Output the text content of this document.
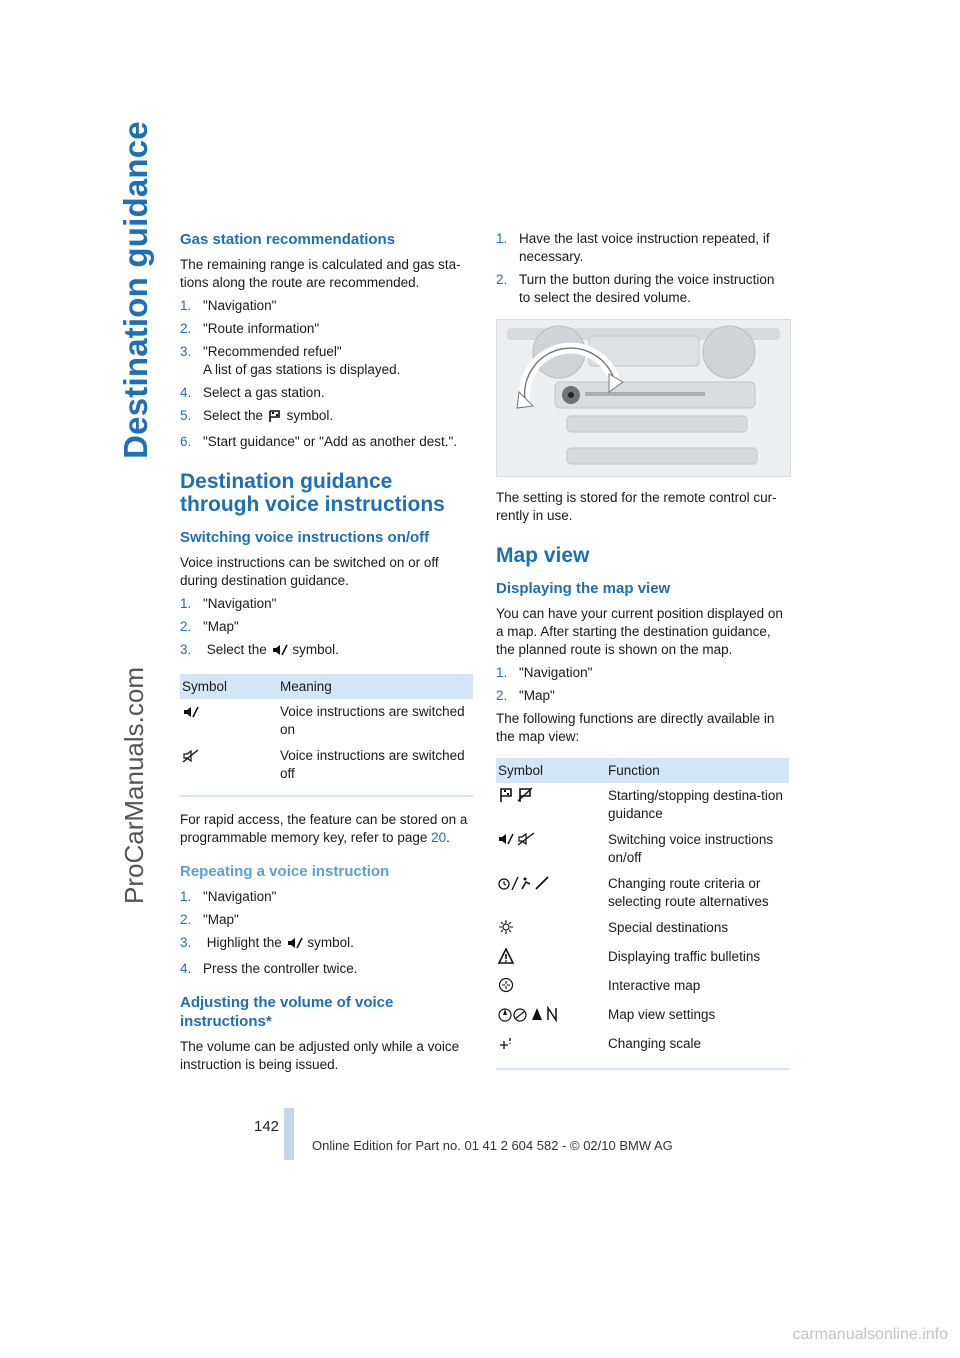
Destination guidance
ProCarManuals.com
Gas station recommendations

The remaining range is calculated and gas sta-tions along the route are recommended.

1. "Navigation"
2. "Route information"
3. "Recommended refuel"
A list of gas stations is displayed.
4. Select a gas station.
5. Select the symbol.
6. "Start guidance" or "Add as another dest.".
Destination guidance through voice instructions
Switching voice instructions on/off

Voice instructions can be switched on or off during destination guidance.

1. "Navigation"
2. "Map"
3.	Select the symbol.
Symbol	Meaning
	Voice instructions are switched on
	Voice instructions are switched off

For rapid access, the feature can be stored on a programmable memory key, refer to page 20.

Repeating a voice instruction
1. "Navigation"
2. "Map"
3.	Highlight the symbol.
4. Press the controller twice.
Adjusting the volume of voice instructions*

The volume can be adjusted only while a voice instruction is being issued.

1. Have the last voice instruction repeated, if necessary.
2. Turn the button during the voice instruction to select the desired volume.

The setting is stored for the remote control cur-rently in use.

Map view
Displaying the map view

You can have your current position displayed on a map. After starting the destination guidance, the planned route is shown on the map.

1. "Navigation"
2. "Map"

The following functions are directly available in the map view:

Symbol	Function
	Starting/stopping destina-tion guidance
	Switching voice instructions on/off
	Changing route criteria or selecting route alternatives
	Special destinations
	Displaying traffic bulletins
	Interactive map
	Map view settings
	Changing scale
142
Online Edition for Part no. 01 41 2 604 582 - © 02/10 BMW AG
carmanualsonline.info
